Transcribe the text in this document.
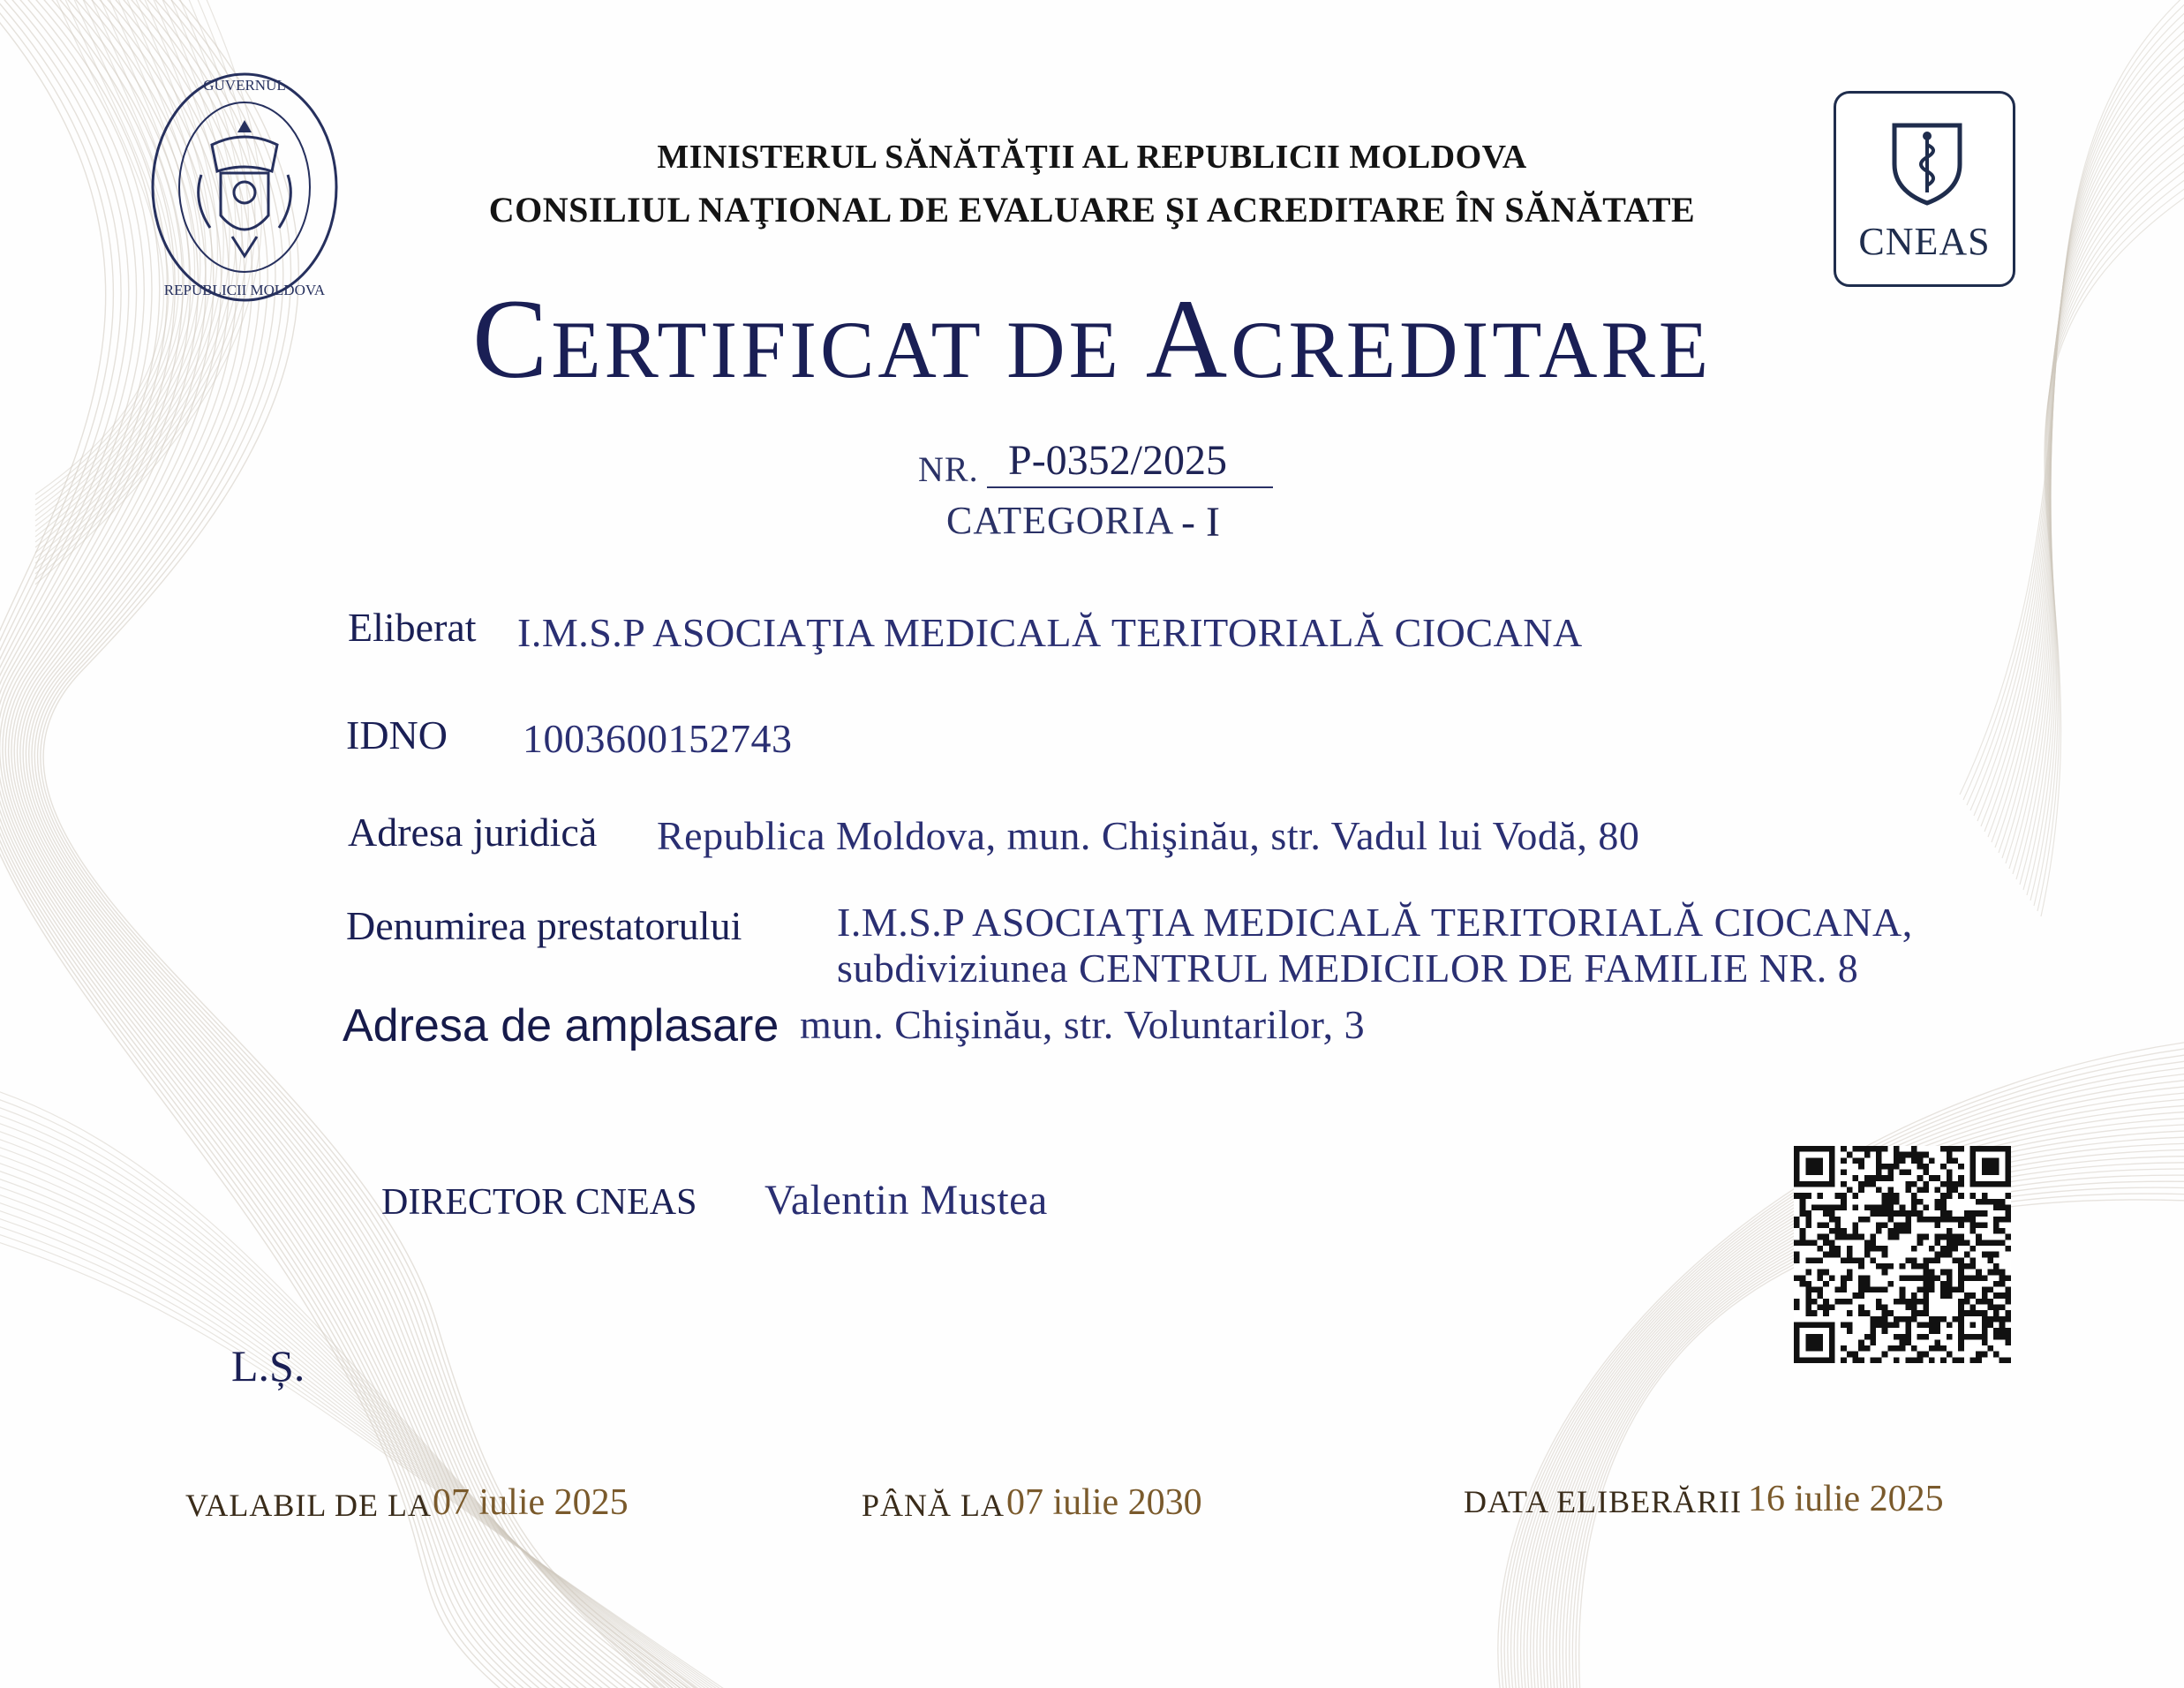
GUVERNUL
REPUBLICII MOLDOVA
MINISTERUL SĂNĂTĂŢII AL REPUBLICII MOLDOVA
CONSILIUL NAŢIONAL DE EVALUARE ŞI ACREDITARE ÎN SĂNĂTATE
CNEAS
CERTIFICAT DE ACREDITARE
NR. P-0352/2025
CATEGORIA - I
Eliberat I.M.S.P ASOCIAŢIA MEDICALĂ TERITORIALĂ CIOCANA
IDNO 1003600152743
Adresa juridică Republica Moldova, mun. Chişinău, str. Vadul lui Vodă, 80
Denumirea prestatorului I.M.S.P ASOCIAŢIA MEDICALĂ TERITORIALĂ CIOCANA,
subdiviziunea CENTRUL MEDICILOR DE FAMILIE NR. 8
Adresa de amplasare mun. Chişinău, str. Voluntarilor, 3
DIRECTOR CNEAS Valentin Mustea
L.Ș.
VALABIL DE LA 07 iulie 2025	PÂNĂ LA 07 iulie 2030	DATA ELIBERĂRII 16 iulie 2025
